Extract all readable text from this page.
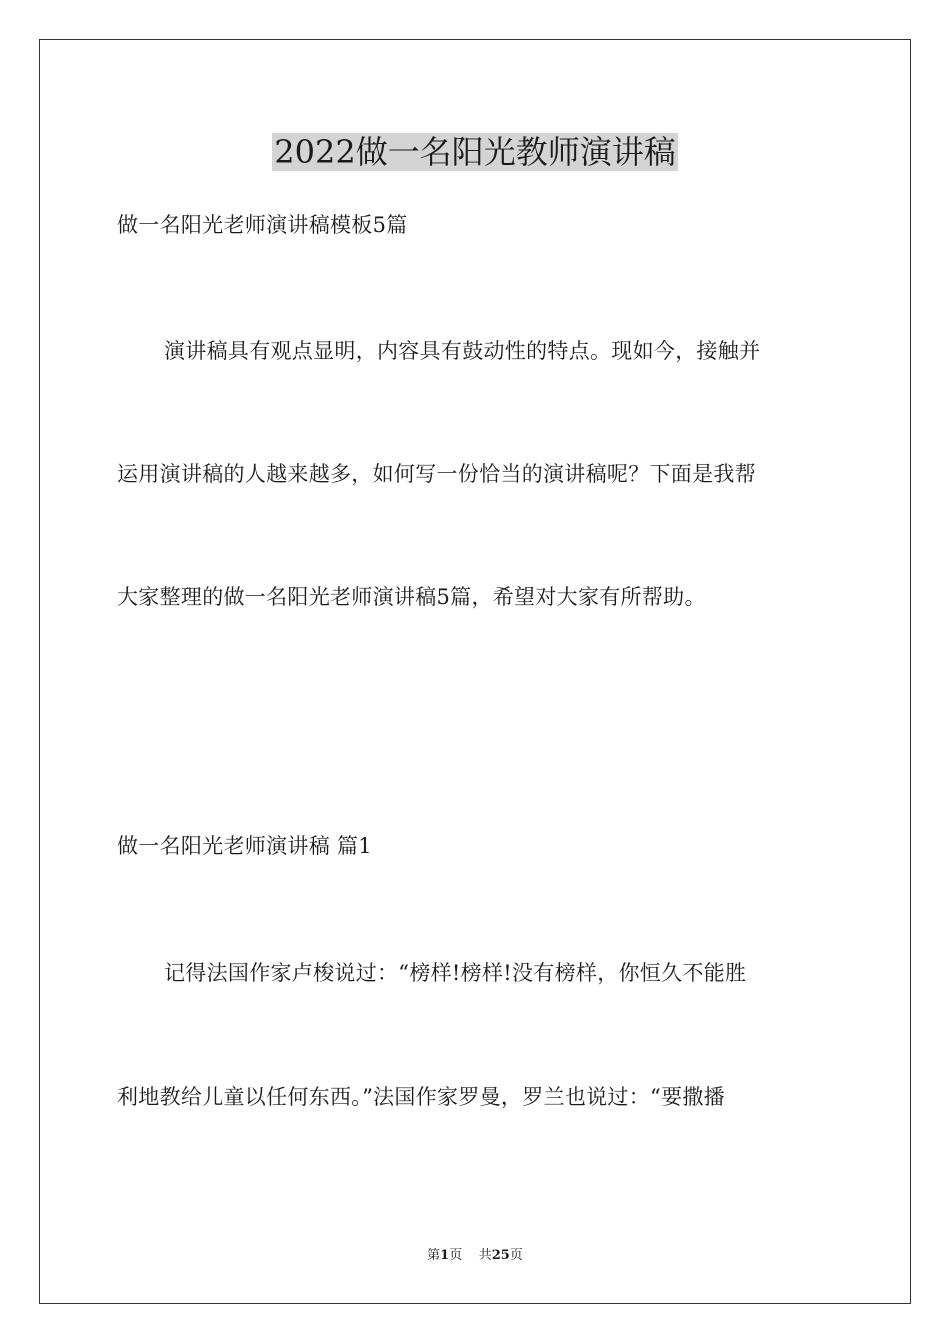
2022做一名阳光教师演讲稿
做一名阳光老师演讲稿模板5篇
演讲稿具有观点显明，内容具有鼓动性的特点。现如今，接触并
运用演讲稿的人越来越多，如何写一份恰当的演讲稿呢？下面是我帮
大家整理的做一名阳光老师演讲稿5篇，希望对大家有所帮助。
做一名阳光老师演讲稿 篇1
记得法国作家卢梭说过：“榜样!榜样!没有榜样，你恒久不能胜
利地教给儿童以任何东西。”法国作家罗曼，罗兰也说过：“要撒播
第1页 共25页
